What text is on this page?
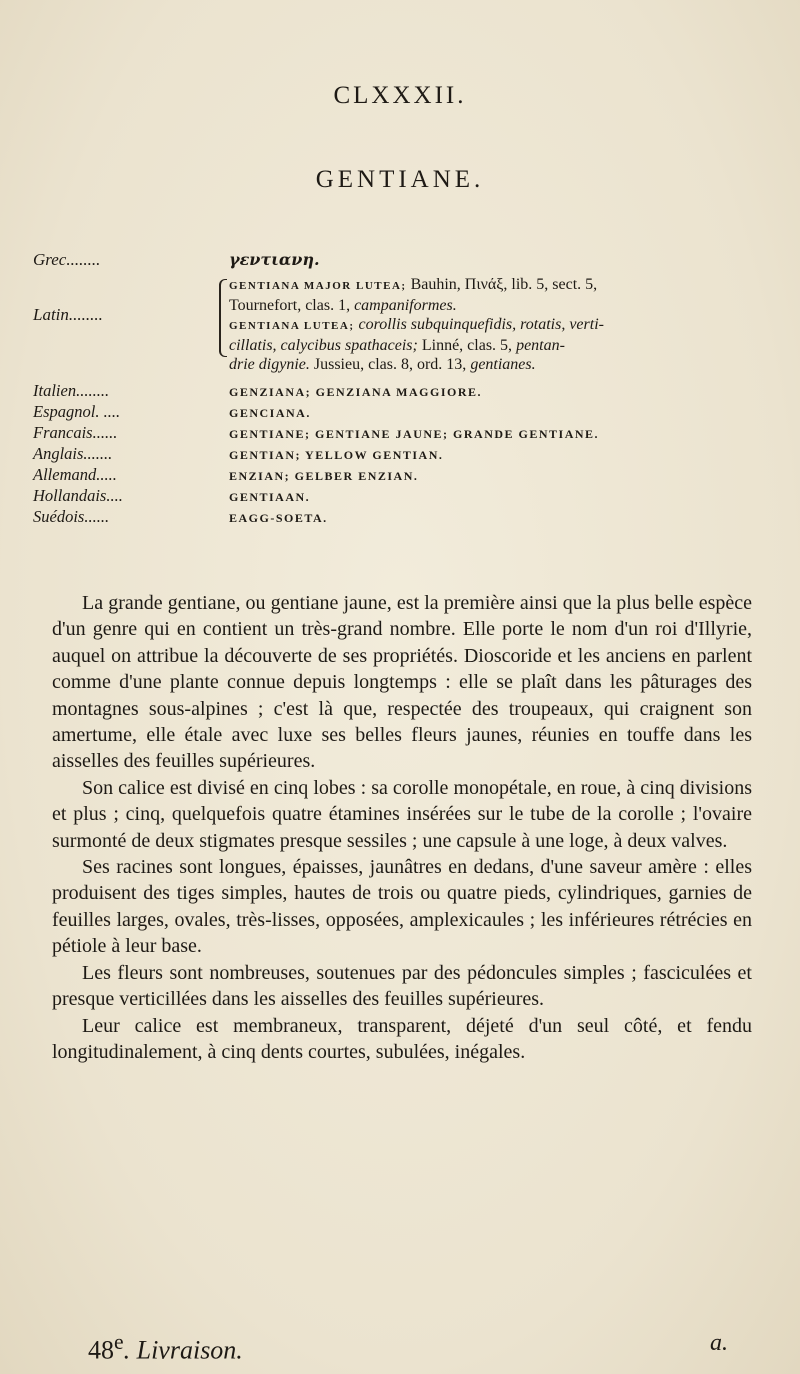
CLXXXII.
GENTIANE.
Grec........	γεντιανη.
Latin........
GENTIANA MAJOR LUTEA; Bauhin, Πινάξ, lib. 5, sect. 5,
Tournefort, clas. 1, campaniformes.
GENTIANA LUTEA; corollis subquinquefidis, rotatis, verti-
cillatis, calycibus spathaceis; Linné, clas. 5, pentan-
drie digynie. Jussieu, clas. 8, ord. 13, gentianes.
Italien........	GENZIANA; GENZIANA MAGGIORE.
Espagnol. ....	GENCIANA.
Francais......	GENTIANE; GENTIANE JAUNE; GRANDE GENTIANE.
Anglais.......	GENTIAN; YELLOW GENTIAN.
Allemand.....	ENZIAN; GELBER ENZIAN.
Hollandais....	GENTIAAN.
Suédois......	EAGG-SOETA.

La grande gentiane, ou gentiane jaune, est la première ainsi que la plus belle espèce d'un genre qui en contient un très-grand nombre. Elle porte le nom d'un roi d'Illyrie, auquel on attribue la découverte de ses propriétés. Dioscoride et les anciens en parlent comme d'une plante connue depuis longtemps : elle se plaît dans les pâturages des montagnes sous-alpines ; c'est là que, respectée des troupeaux, qui craignent son amertume, elle étale avec luxe ses belles fleurs jaunes, réunies en touffe dans les aisselles des feuilles supérieures.

Son calice est divisé en cinq lobes : sa corolle monopétale, en roue, à cinq divisions et plus ; cinq, quelquefois quatre étamines insérées sur le tube de la corolle ; l'ovaire surmonté de deux stigmates presque sessiles ; une capsule à une loge, à deux valves.

Ses racines sont longues, épaisses, jaunâtres en dedans, d'une saveur amère : elles produisent des tiges simples, hautes de trois ou quatre pieds, cylindriques, garnies de feuilles larges, ovales, très-lisses, opposées, amplexicaules ; les inférieures rétrécies en pétiole à leur base.

Les fleurs sont nombreuses, soutenues par des pédoncules simples ; fasciculées et presque verticillées dans les aisselles des feuilles supérieures.

Leur calice est membraneux, transparent, déjeté d'un seul côté, et fendu longitudinalement, à cinq dents courtes, subulées, inégales.

48e. Livraison.	a.
